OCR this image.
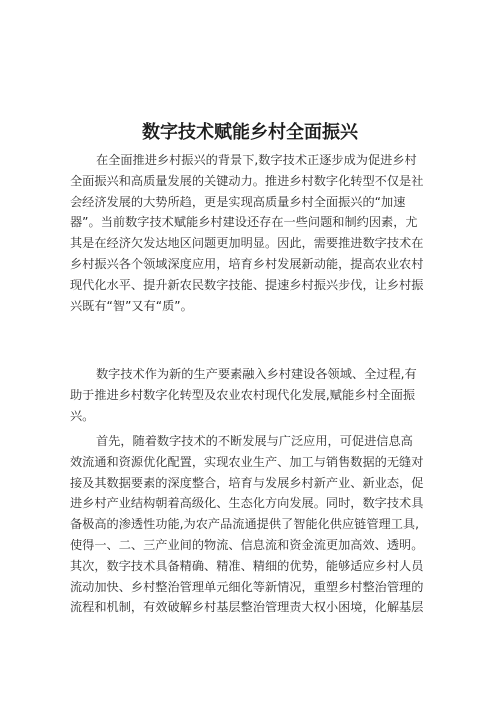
数字技术赋能乡村全面振兴
在全面推进乡村振兴的背景下,数字技术正逐步成为促进乡村
全面振兴和高质量发展的关键动力。推进乡村数字化转型不仅是社
会经济发展的大势所趋，更是实现高质量乡村全面振兴的“加速
器”。当前数字技术赋能乡村建设还存在一些问题和制约因素，尤
其是在经济欠发达地区问题更加明显。因此，需要推进数字技术在
乡村振兴各个领域深度应用，培育乡村发展新动能，提高农业农村
现代化水平、提升新农民数字技能、提速乡村振兴步伐，让乡村振
兴既有“智”又有“质”。
数字技术作为新的生产要素融入乡村建设各领域、全过程,有
助于推进乡村数字化转型及农业农村现代化发展,赋能乡村全面振
兴。
首先，随着数字技术的不断发展与广泛应用，可促进信息高
效流通和资源优化配置，实现农业生产、加工与销售数据的无缝对
接及其数据要素的深度整合，培育与发展乡村新产业、新业态，促
进乡村产业结构朝着高级化、生态化方向发展。同时，数字技术具
备极高的渗透性功能,为农产品流通提供了智能化供应链管理工具,
使得一、二、三产业间的物流、信息流和资金流更加高效、透明。
其次，数字技术具备精确、精准、精细的优势，能够适应乡村人员
流动加快、乡村整治管理单元细化等新情况，重塑乡村整治管理的
流程和机制，有效破解乡村基层整治管理责大权小困境，化解基层
